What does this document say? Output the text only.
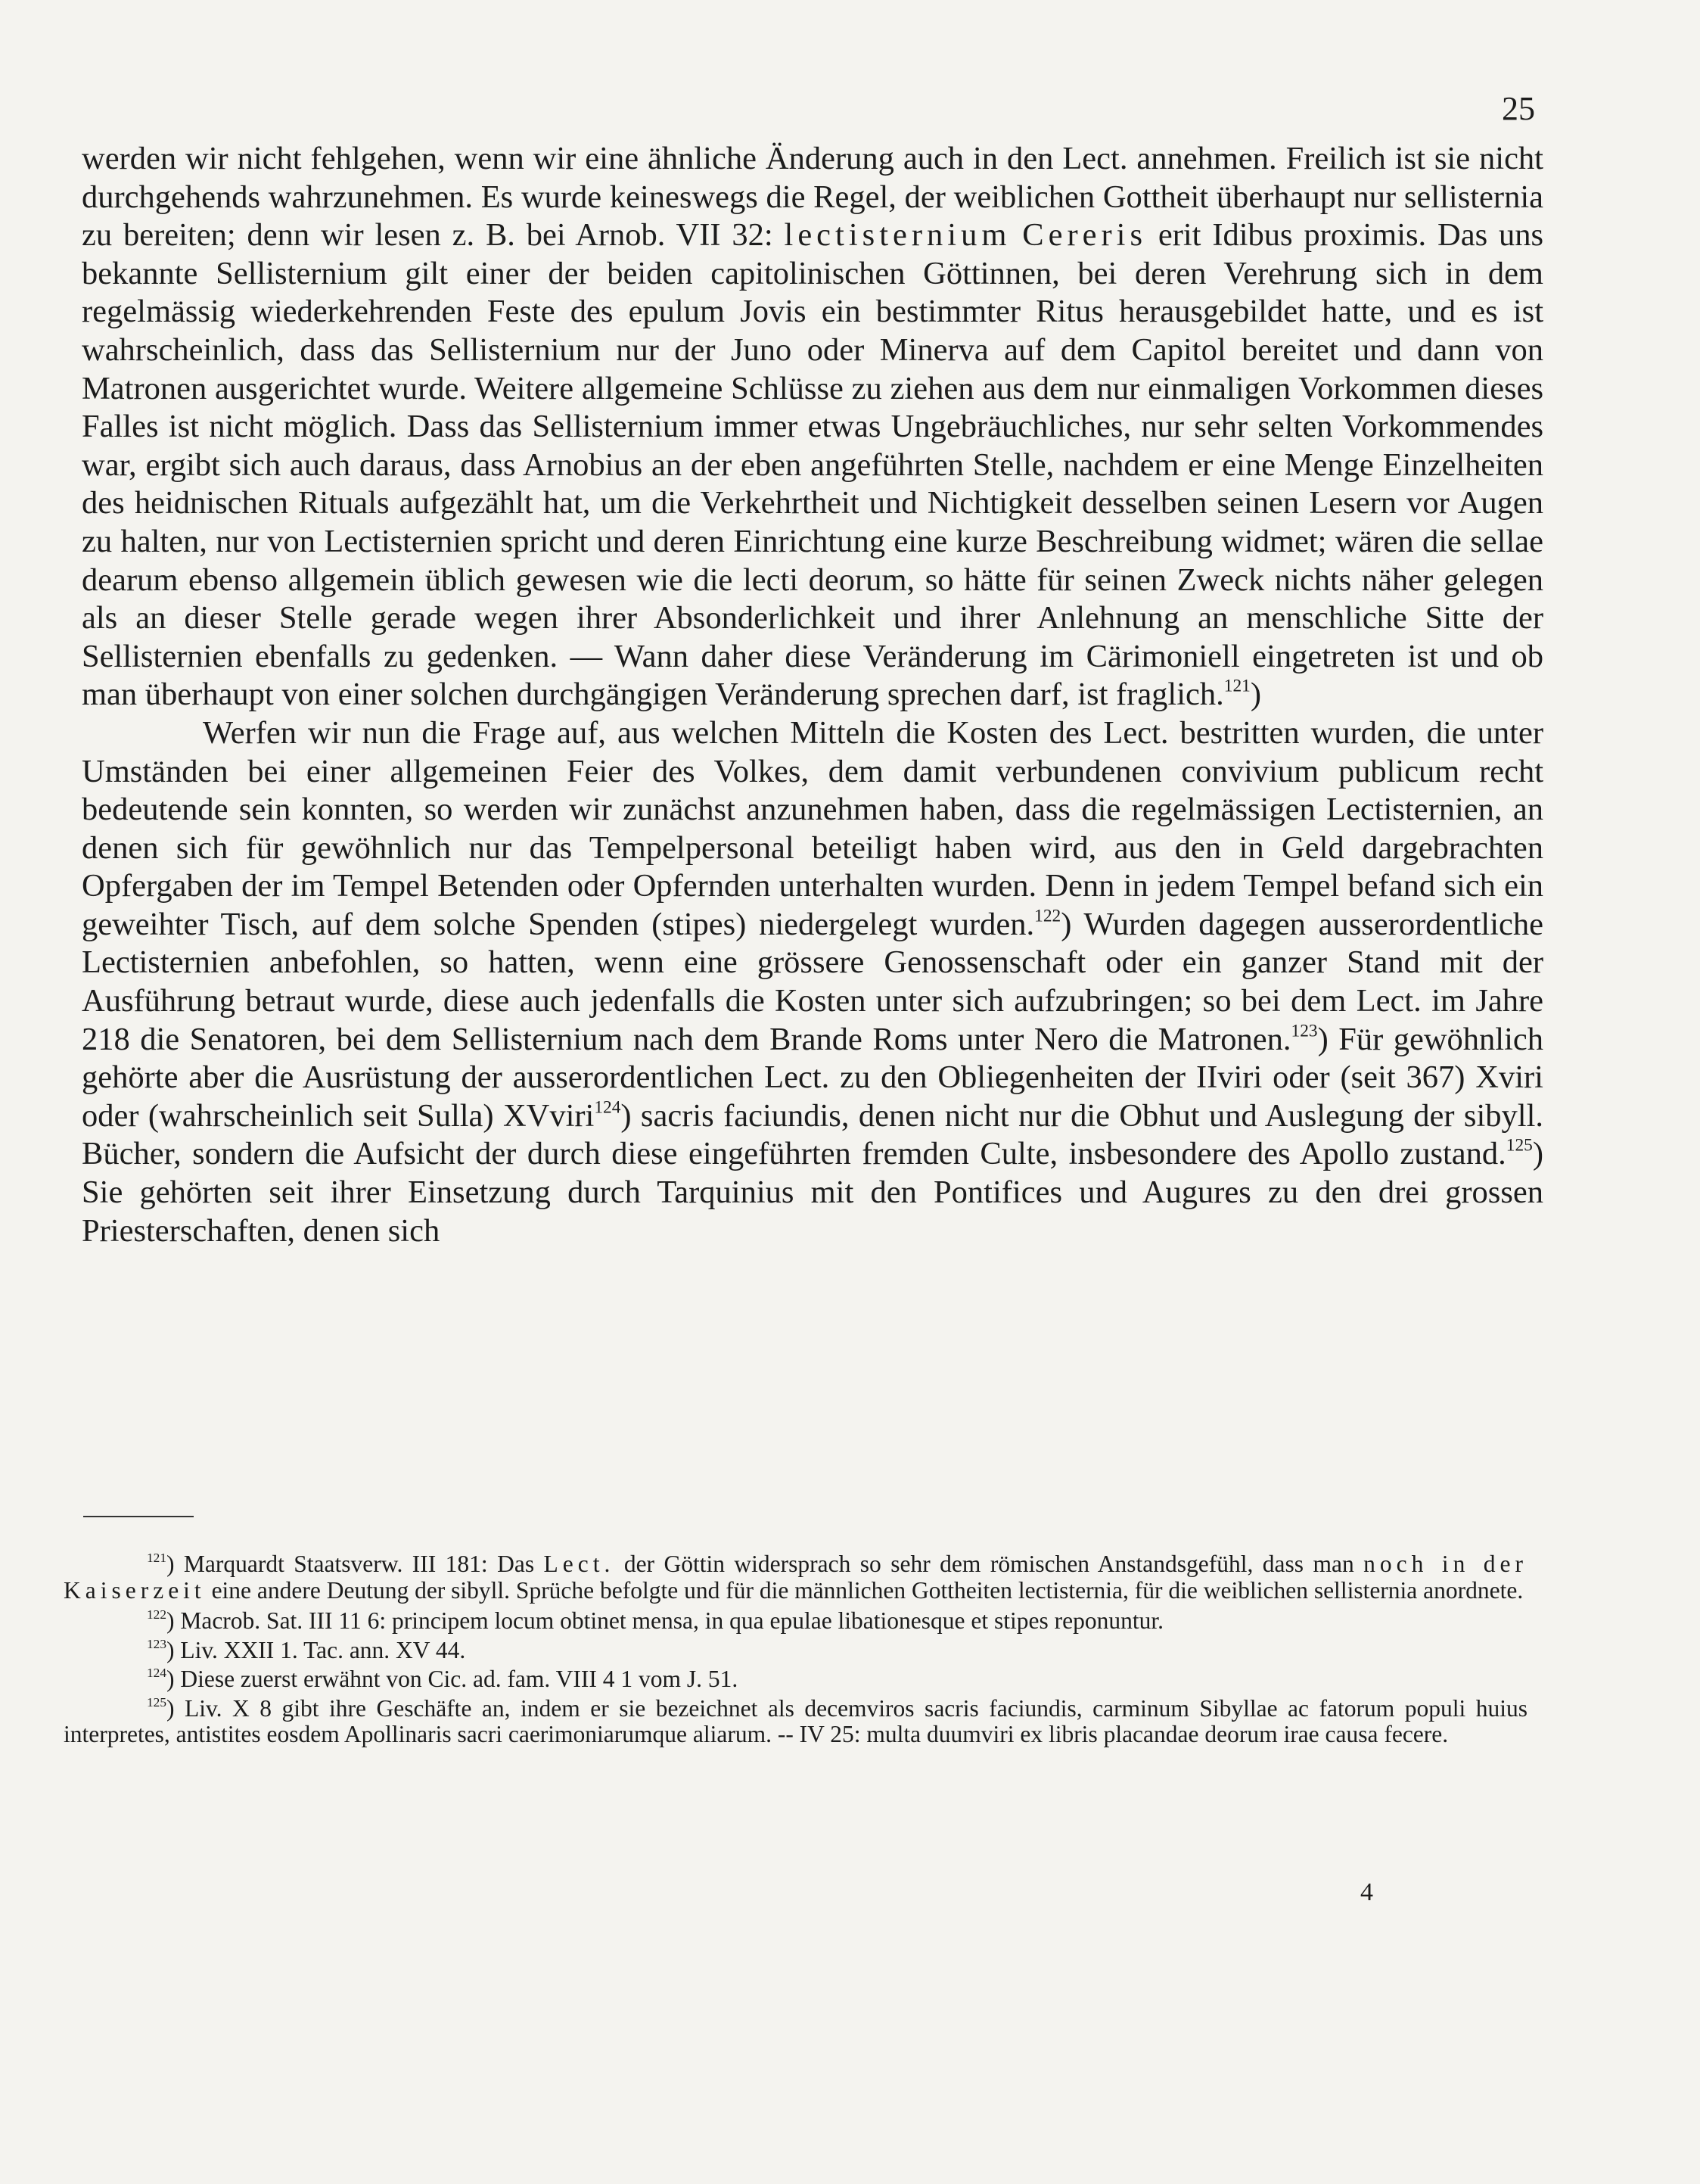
25

werden wir nicht fehlgehen, wenn wir eine ähnliche Änderung auch in den Lect. annehmen. Freilich ist sie nicht durchgehends wahrzunehmen. Es wurde keineswegs die Regel, der weiblichen Gottheit überhaupt nur sellisternia zu bereiten; denn wir lesen z. B. bei Arnob. VII 32: lectisternium Cereris erit Idibus proximis. Das uns bekannte Sellisternium gilt einer der beiden capitolinischen Göttinnen, bei deren Verehrung sich in dem regelmässig wiederkehrenden Feste des epulum Jovis ein bestimmter Ritus herausgebildet hatte, und es ist wahrscheinlich, dass das Sellisternium nur der Juno oder Minerva auf dem Capitol bereitet und dann von Matronen ausgerichtet wurde. Weitere allgemeine Schlüsse zu ziehen aus dem nur einmaligen Vorkommen dieses Falles ist nicht möglich. Dass das Sellisternium immer etwas Ungebräuchliches, nur sehr selten Vorkommendes war, ergibt sich auch daraus, dass Arnobius an der eben angeführten Stelle, nachdem er eine Menge Einzelheiten des heidnischen Rituals aufgezählt hat, um die Verkehrtheit und Nichtigkeit desselben seinen Lesern vor Augen zu halten, nur von Lectisternien spricht und deren Einrichtung eine kurze Beschreibung widmet; wären die sellae dearum ebenso allgemein üblich gewesen wie die lecti deorum, so hätte für seinen Zweck nichts näher gelegen als an dieser Stelle gerade wegen ihrer Absonderlichkeit und ihrer Anlehnung an menschliche Sitte der Sellisternien ebenfalls zu gedenken. — Wann daher diese Veränderung im Cärimoniell eingetreten ist und ob man überhaupt von einer solchen durchgängigen Veränderung sprechen darf, ist fraglich.$^{121}$)

Werfen wir nun die Frage auf, aus welchen Mitteln die Kosten des Lect. bestritten wurden, die unter Umständen bei einer allgemeinen Feier des Volkes, dem damit verbundenen convivium publicum recht bedeutende sein konnten, so werden wir zunächst anzunehmen haben, dass die regelmässigen Lectisternien, an denen sich für gewöhnlich nur das Tempelpersonal beteiligt haben wird, aus den in Geld dargebrachten Opfergaben der im Tempel Betenden oder Opfernden unterhalten wurden. Denn in jedem Tempel befand sich ein geweihter Tisch, auf dem solche Spenden (stipes) niedergelegt wurden.$^{122}$) Wurden dagegen ausserordentliche Lectisternien anbefohlen, so hatten, wenn eine grössere Genossenschaft oder ein ganzer Stand mit der Ausführung betraut wurde, diese auch jedenfalls die Kosten unter sich aufzubringen; so bei dem Lect. im Jahre 218 die Senatoren, bei dem Sellisternium nach dem Brande Roms unter Nero die Matronen.$^{123}$) Für gewöhnlich gehörte aber die Ausrüstung der ausserordentlichen Lect. zu den Obliegenheiten der IIviri oder (seit 367) Xviri oder (wahrscheinlich seit Sulla) XVviri$^{124}$) sacris faciundis, denen nicht nur die Obhut und Auslegung der sibyll. Bücher, sondern die Aufsicht der durch diese eingeführten fremden Culte, insbesondere des Apollo zustand.$^{125}$) Sie gehörten seit ihrer Einsetzung durch Tarquinius mit den Pontifices und Augures zu den drei grossen Priesterschaften, denen sich

$^{121}$) Marquardt Staatsverw. III 181: Das Lect. der Göttin widersprach so sehr dem römischen Anstandsgefühl, dass man noch in der Kaiserzeit eine andere Deutung der sibyll. Sprüche befolgte und für die männlichen Gottheiten lectisternia, für die weiblichen sellisternia anordnete.

$^{122}$) Macrob. Sat. III 11 6: principem locum obtinet mensa, in qua epulae libationesque et stipes reponuntur.

$^{123}$) Liv. XXII 1. Tac. ann. XV 44.

$^{124}$) Diese zuerst erwähnt von Cic. ad. fam. VIII 4 1 vom J. 51.

$^{125}$) Liv. X 8 gibt ihre Geschäfte an, indem er sie bezeichnet als decemviros sacris faciundis, carminum Sibyllae ac fatorum populi huius interpretes, antistites eosdem Apollinaris sacri caerimoniarumque aliarum. -- IV 25: multa duumviri ex libris placandae deorum irae causa fecere.

4
